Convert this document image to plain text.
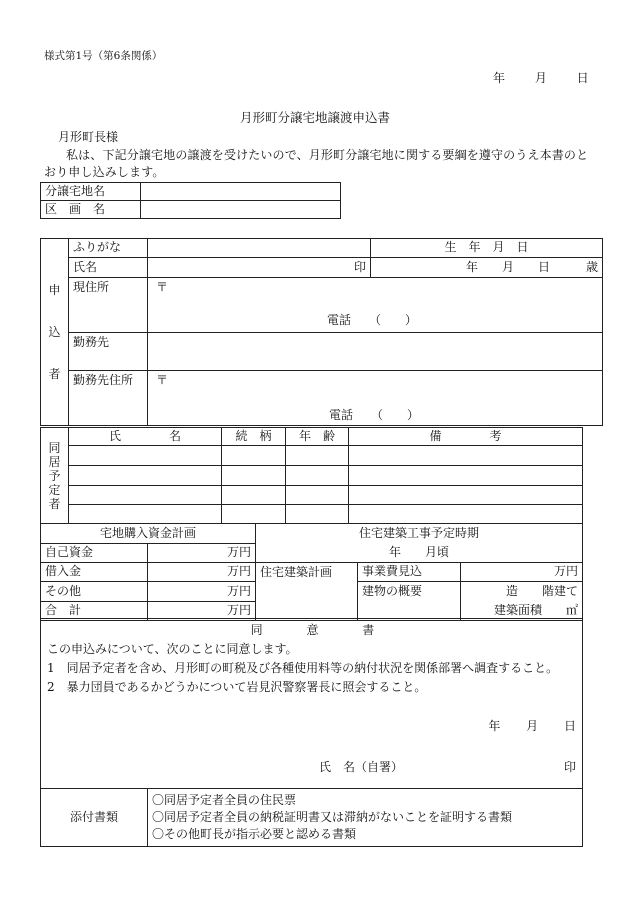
様式第1号（第6条関係）
年 月 日
月形町分譲宅地譲渡申込書
月形町長様
私は、下記分譲宅地の譲渡を受けたいので、月形町分譲宅地に関する要綱を遵守のうえ本書のとおり申し込みします。
分譲宅地名	
区　画　名	
申

込

者	ふりがな		生　年　月　日
	氏名	印	年　　月　　日　　　歳
	現住所	〒
電話　　（　　）	

	勤務先		
	勤務先住所	〒
電話　　（　　）	
同
居
予
定
者	氏　　　　名	続　柄	年　齢	備　　　　考

宅地購入資金計画		住宅建築工事予定時期
年　　月頃		

自己資金	万円			
借入金	万円	住宅建築計画	事業費見込	万円
その他	万円		建物の概要	造　　階建て
建築面積　　㎡

合　計	万円			
同 意 書
この申込みについて、次のことに同意します。
1　同居予定者を含め、月形町の町税及び各種使用料等の納付状況を関係部署へ調査すること。
2　暴力団員であるかどうかについて岩見沢警察署長に照会すること。
年 月 日
氏　名（自署）	印
添付書類	
〇同居予定者全員の住民票
〇同居予定者全員の納税証明書又は滞納がないことを証明する書類
〇その他町長が指示必要と認める書類
